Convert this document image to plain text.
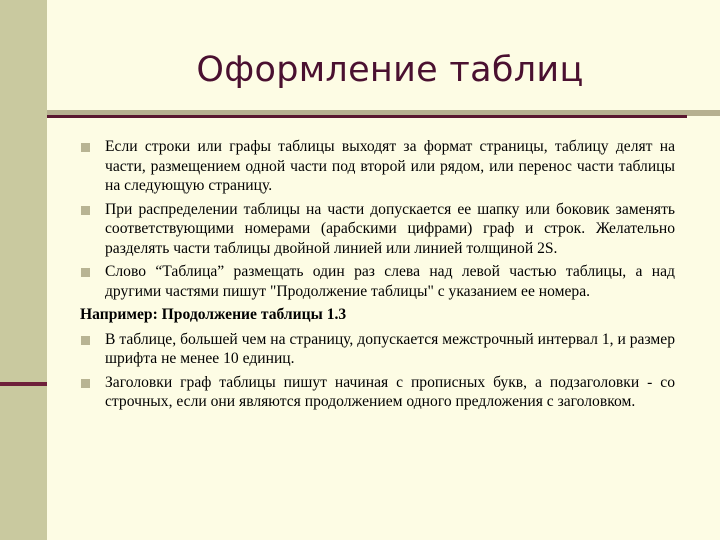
Оформление таблиц
Если строки или графы таблицы выходят за формат страницы, таблицу делят на части, размещением одной части под второй или рядом, или перенос части таблицы на следующую страницу.
При распределении таблицы на части допускается ее шапку или боковик заменять соответствующими номерами (арабскими цифрами) граф и строк. Желательно разделять части таблицы двойной линией или линией толщиной 2S.
Слово “Таблица” размещать один раз слева над левой частью таблицы, а над другими частями пишут "Продолжение таблицы" с указанием ее номера.
Например: Продолжение таблицы 1.3
В таблице, большей чем на страницу, допускается межстрочный интервал 1, и размер шрифта не менее 10 единиц.
Заголовки граф таблицы пишут начиная с прописных букв, а подзаголовки - со строчных, если они являются продолжением одного предложения с заголовком.
